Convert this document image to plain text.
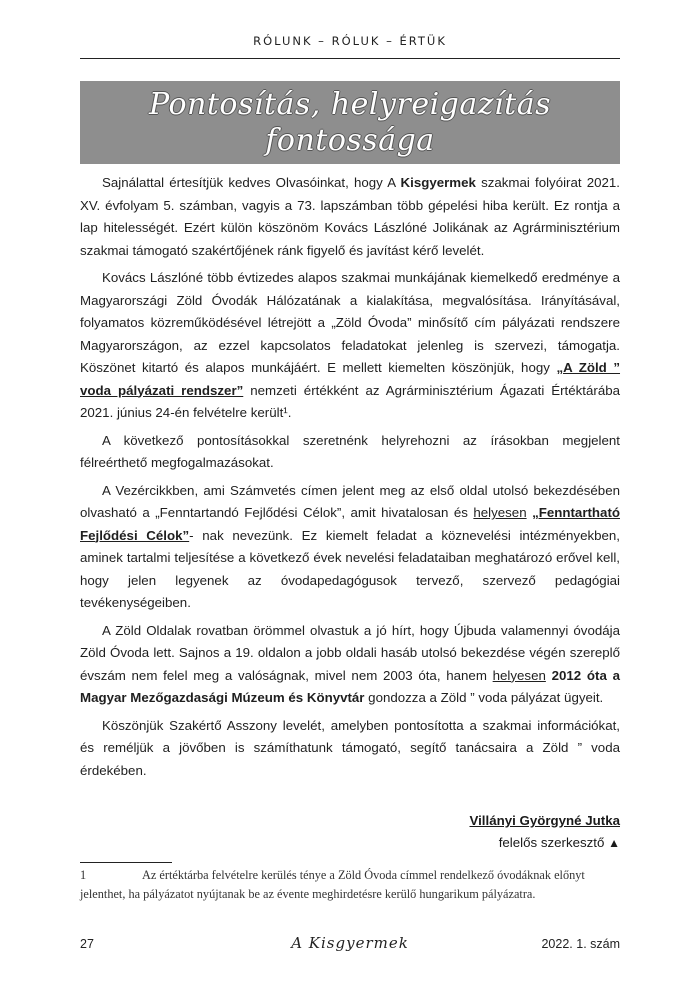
RÓLUNK – RÓLUK – ÉRTÜK
Pontosítás, helyreigazítás fontossága

Sajnálattal értesítjük kedves Olvasóinkat, hogy A Kisgyermek szakmai folyóirat 2021. XV. évfolyam 5. számban, vagyis a 73. lapszámban több gépelési hiba került. Ez rontja a lap hitelességét. Ezért külön köszönöm Kovács Lászlóné Jolikának az Agrárminisztérium szakmai támogató szakértőjének ránk figyelő és javítást kérő levelét.

Kovács Lászlóné több évtizedes alapos szakmai munkájának kiemelkedő eredménye a Magyarországi Zöld Óvodák Hálózatának a kialakítása, megvalósítása. Irányításával, folyamatos közreműködésével létrejött a „Zöld Óvoda” minősítő cím pályázati rendszere Magyarországon, az ezzel kapcsolatos feladatokat jelenleg is szervezi, támogatja. Köszönet kitartó és alapos munkájáért. E mellett kiemelten köszönjük, hogy „A Zöld ” voda pályázati rendszer” nemzeti értékként az Agrárminisztérium Ágazati Értéktárába 2021. június 24-én felvételre került¹.

A következő pontosításokkal szeretnénk helyrehozni az írásokban megjelent félreérthető megfogalmazásokat.

A Vezércikkben, ami Számvetés címen jelent meg az első oldal utolsó bekezdésében olvasható a „Fenntartandó Fejlődési Célok”, amit hivatalosan és helyesen „Fenntartható Fejlődési Célok”- nak nevezünk. Ez kiemelt feladat a köznevelési intézményekben, aminek tartalmi teljesítése a következő évek nevelési feladataiban meghatározó erővel kell, hogy jelen legyenek az óvodapedagógusok tervező, szervező pedagógiai tevékenységeiben.

A Zöld Oldalak rovatban örömmel olvastuk a jó hírt, hogy Újbuda valamennyi óvodája Zöld Óvoda lett. Sajnos a 19. oldalon a jobb oldali hasáb utolsó bekezdése végén szereplő évszám nem felel meg a valóságnak, mivel nem 2003 óta, hanem helyesen 2012 óta a Magyar Mezőgazdasági Múzeum és Könyvtár gondozza a Zöld ” voda pályázat ügyeit.

Köszönjük Szakértő Asszony levelét, amelyben pontosította a szakmai információkat, és reméljük a jövőben is számíthatunk támogató, segítő tanácsaira a Zöld ” voda érdekében.

Villányi Györgyné Jutka
felelős szerkesztő ▲
1	Az értéktárba felvételre kerülés ténye a Zöld Óvoda címmel rendelkező óvodáknak előnyt jelenthet, ha pályázatot nyújtanak be az évente meghirdetésre kerülő hungarikum pályázatra.
27	A Kisgyermek	2022. 1. szám
